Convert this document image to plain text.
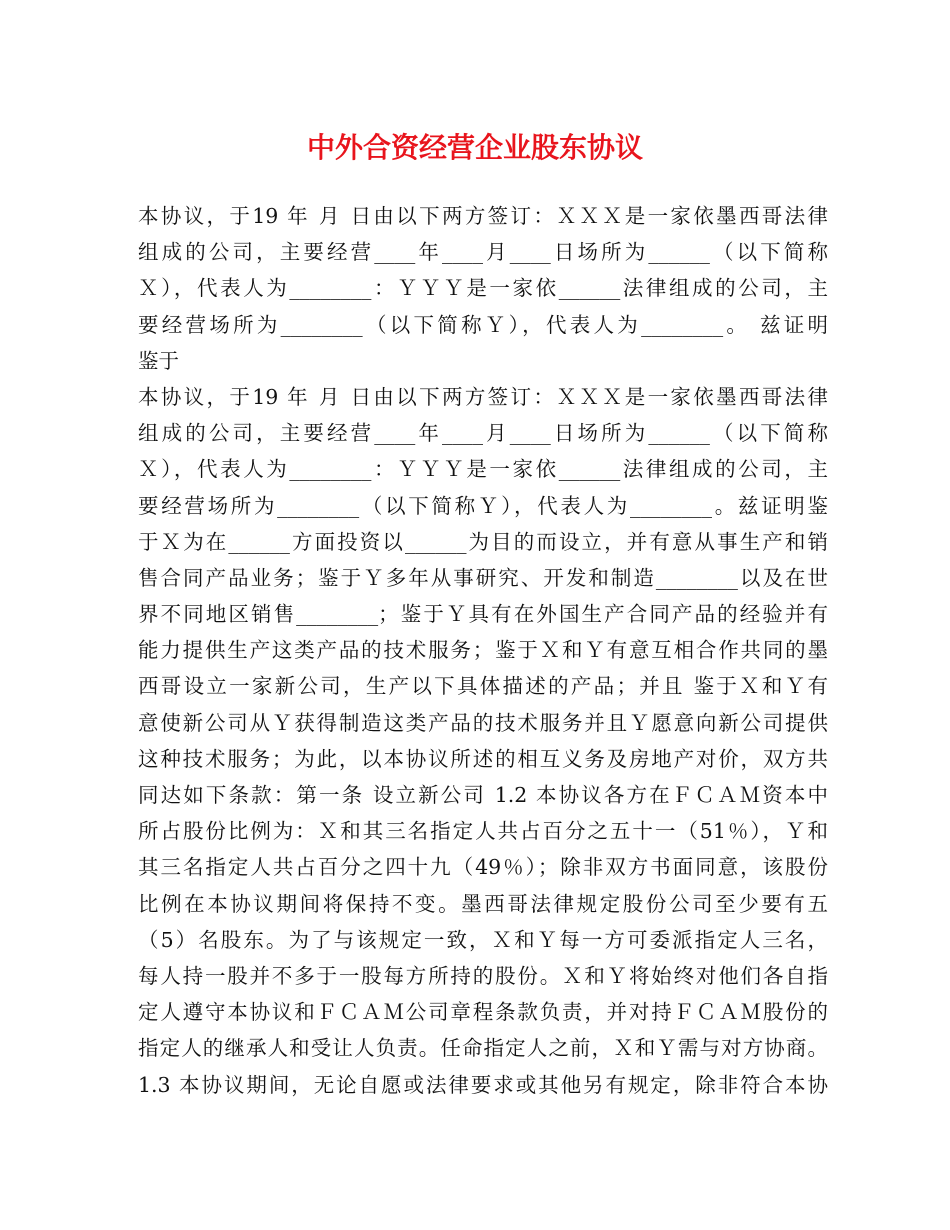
中外合资经营企业股东协议
本协议，于19 年 月 日由以下两方签订：ＸＸＸ是一家依墨西哥法律
组成的公司，主要经营____年____月____日场所为______（以下简称
Ｘ），代表人为________：ＹＹＹ是一家依______法律组成的公司，主
要经营场所为________（以下简称Ｙ），代表人为________。 兹证明
鉴于
本协议，于19 年 月 日由以下两方签订：ＸＸＸ是一家依墨西哥法律
组成的公司，主要经营____年____月____日场所为______（以下简称
Ｘ），代表人为________：ＹＹＹ是一家依______法律组成的公司，主
要经营场所为________（以下简称Ｙ），代表人为________。兹证明鉴
于Ｘ为在______方面投资以______为目的而设立，并有意从事生产和销
售合同产品业务；鉴于Ｙ多年从事研究、开发和制造________以及在世
界不同地区销售________；鉴于Ｙ具有在外国生产合同产品的经验并有
能力提供生产这类产品的技术服务；鉴于Ｘ和Ｙ有意互相合作共同的墨
西哥设立一家新公司，生产以下具体描述的产品；并且 鉴于Ｘ和Ｙ有
意使新公司从Ｙ获得制造这类产品的技术服务并且Ｙ愿意向新公司提供
这种技术服务；为此，以本协议所述的相互义务及房地产对价，双方共
同达如下条款：第一条 设立新公司 1.2 本协议各方在ＦＣＡＭ资本中
所占股份比例为：Ｘ和其三名指定人共占百分之五十一（51％），Ｙ和
其三名指定人共占百分之四十九（49％）；除非双方书面同意，该股份
比例在本协议期间将保持不变。墨西哥法律规定股份公司至少要有五
（5）名股东。为了与该规定一致，Ｘ和Ｙ每一方可委派指定人三名，
每人持一股并不多于一股每方所持的股份。Ｘ和Ｙ将始终对他们各自指
定人遵守本协议和ＦＣＡＭ公司章程条款负责，并对持ＦＣＡＭ股份的
指定人的继承人和受让人负责。任命指定人之前，Ｘ和Ｙ需与对方协商。
1.3 本协议期间，无论自愿或法律要求或其他另有规定，除非符合本协
